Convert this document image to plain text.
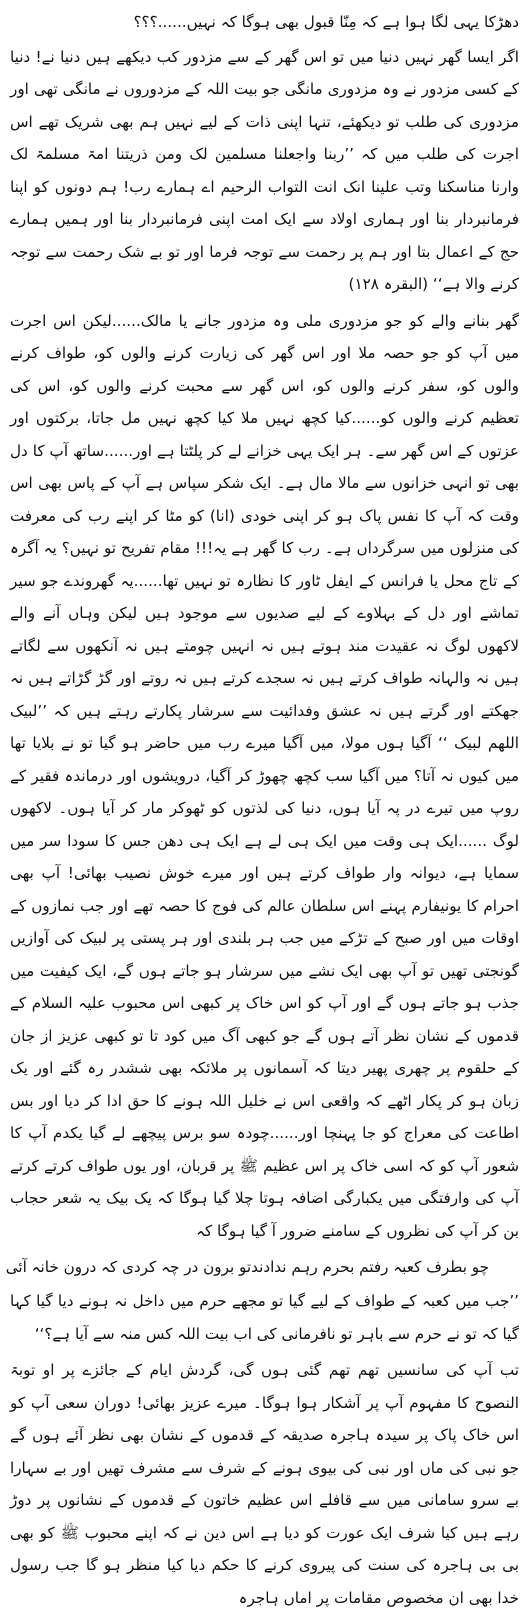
دھڑکا یہی لگا ہوا ہے کہ مِنّا قبول بھی ہوگا کہ نہیں......؟؟؟

اگر ایسا گھر نہیں دنیا میں تو اس گھر کے سے مزدور کب دیکھے ہیں دنیا نے! دنیا کے کسی مزدور نے وہ مزدوری مانگی جو بیت اللہ کے مزدوروں نے مانگی تھی اور مزدوری کی طلب تو دیکھئے، تنہا اپنی ذات کے لیے نہیں ہم بھی شریک تھے اس اجرت کی طلب میں کہ ’’ربنا واجعلنا مسلمین لک ومن ذریتنا امۃ مسلمۃ لک وارنا مناسکنا وتب علینا انک انت التواب الرحیم اے ہمارے رب! ہم دونوں کو اپنا فرمانبردار بنا اور ہماری اولاد سے ایک امت اپنی فرمانبردار بنا اور ہمیں ہمارے حج کے اعمال بتا اور ہم پر رحمت سے توجہ فرما اور تو بے شک رحمت سے توجہ کرنے والا ہے‘‘ (البقرہ ۱۲۸)

گھر بنانے والے کو جو مزدوری ملی وہ مزدور جانے یا مالک......لیکن اس اجرت میں آپ کو جو حصہ ملا اور اس گھر کی زیارت کرنے والوں کو، طواف کرنے والوں کو، سفر کرنے والوں کو، اس گھر سے محبت کرنے والوں کو، اس کی تعظیم کرنے والوں کو......کیا کچھ نہیں ملا کیا کچھ نہیں مل جاتا، برکتوں اور عزتوں کے اس گھر سے۔ ہر ایک یہی خزانے لے کر پلٹتا ہے اور......ساتھ آپ کا دل بھی تو انہی خزانوں سے مالا مال ہے۔ ایک شکر سپاس ہے آپ کے پاس بھی اس وقت کہ آپ کا نفس پاک ہو کر اپنی خودی (انا) کو مٹا کر اپنے رب کی معرفت کی منزلوں میں سرگرداں ہے۔ رب کا گھر ہے یہ!!! مقام تفریح تو نہیں؟ یہ آگرہ کے تاج محل یا فرانس کے ایفل ٹاور کا نظارہ تو نہیں تھا......یہ گھروندے جو سیر تماشے اور دل کے بہلاوے کے لیے صدیوں سے موجود ہیں لیکن وہاں آنے والے لاکھوں لوگ نہ عقیدت مند ہوتے ہیں نہ انہیں چومتے ہیں نہ آنکھوں سے لگاتے ہیں نہ والہانہ طواف کرتے ہیں نہ سجدے کرتے ہیں نہ روتے اور گڑ گڑاتے ہیں نہ جھکتے اور گرتے ہیں نہ عشق وفدائیت سے سرشار پکارتے رہتے ہیں کہ ’’لبیک اللھم لبیک ‘‘ آگیا ہوں مولا، میں آگیا میرے رب میں حاضر ہو گیا تو نے بلایا تھا میں کیوں نہ آتا؟ میں آگیا سب کچھ چھوڑ کر آگیا، درویشوں اور درماندہ فقیر کے روپ میں تیرے در پہ آیا ہوں، دنیا کی لذتوں کو ٹھوکر مار کر آیا ہوں۔ لاکھوں لوگ ......ایک ہی وقت میں ایک ہی لے ہے ایک ہی دھن جس کا سودا سر میں سمایا ہے، دیوانہ وار طواف کرتے ہیں اور میرے خوش نصیب بھائی! آپ بھی احرام کا یونیفارم پہنے اس سلطان عالم کی فوج کا حصہ تھے اور جب نمازوں کے اوقات میں اور صبح کے تڑکے میں جب ہر بلندی اور ہر پستی پر لبیک کی آوازیں گونجتی تھیں تو آپ بھی ایک نشے میں سرشار ہو جاتے ہوں گے، ایک کیفیت میں جذب ہو جاتے ہوں گے اور آپ کو اس خاک پر کبھی اس محبوب علیہ السلام کے قدموں کے نشان نظر آتے ہوں گے جو کبھی آگ میں کود تا تو کبھی عزیز از جان کے حلقوم پر چھری پھیر دیتا کہ آسمانوں پر ملائکہ بھی ششدر رہ گئے اور یک زبان ہو کر پکار اٹھے کہ واقعی اس نے خلیل اللہ ہونے کا حق ادا کر دیا اور بس اطاعت کی معراج کو جا پہنچا اور......چودہ سو برس پیچھے لے گیا یکدم آپ کا شعور آپ کو کہ اسی خاک پر اس عظیم ﷺ پر قربان، اور یوں طواف کرتے کرتے آپ کی وارفتگی میں یکبارگی اضافہ ہوتا چلا گیا ہوگا کہ یک بیک یہ شعر حجاب بن کر آپ کی نظروں کے سامنے ضرور آ گیا ہوگا کہ

چو بطرف کعبہ رفتم بحرم رہم ندادند
تو برون در چہ کردی کہ درون خانہ آئی

’’جب میں کعبہ کے طواف کے لیے گیا تو مجھے حرم میں داخل نہ ہونے دیا گیا کہا گیا کہ تو نے حرم سے باہر تو نافرمانی کی اب بیت اللہ کس منہ سے آیا ہے؟‘‘

تب آپ کی سانسیں تھم تھم گئی ہوں گی، گردش ایام کے جائزے پر او توبۃ النصوح کا مفہوم آپ پر آشکار ہوا ہوگا۔ میرے عزیز بھائی! دوران سعی آپ کو اس خاک پاک پر سیدہ ہاجرہ صدیقہ کے قدموں کے نشان بھی نظر آئے ہوں گے جو نبی کی ماں اور نبی کی بیوی ہونے کے شرف سے مشرف تھیں اور بے سہارا بے سرو سامانی میں سے قافلے اس عظیم خاتون کے قدموں کے نشانوں پر دوڑ رہے ہیں کیا شرف ایک عورت کو دیا ہے اس دین نے کہ اپنے محبوب ﷺ کو بھی بی بی ہاجرہ کی سنت کی پیروی کرنے کا حکم دیا کیا منظر ہو گا جب رسول خدا بھی ان مخصوص مقامات پر اماں ہاجرہ
